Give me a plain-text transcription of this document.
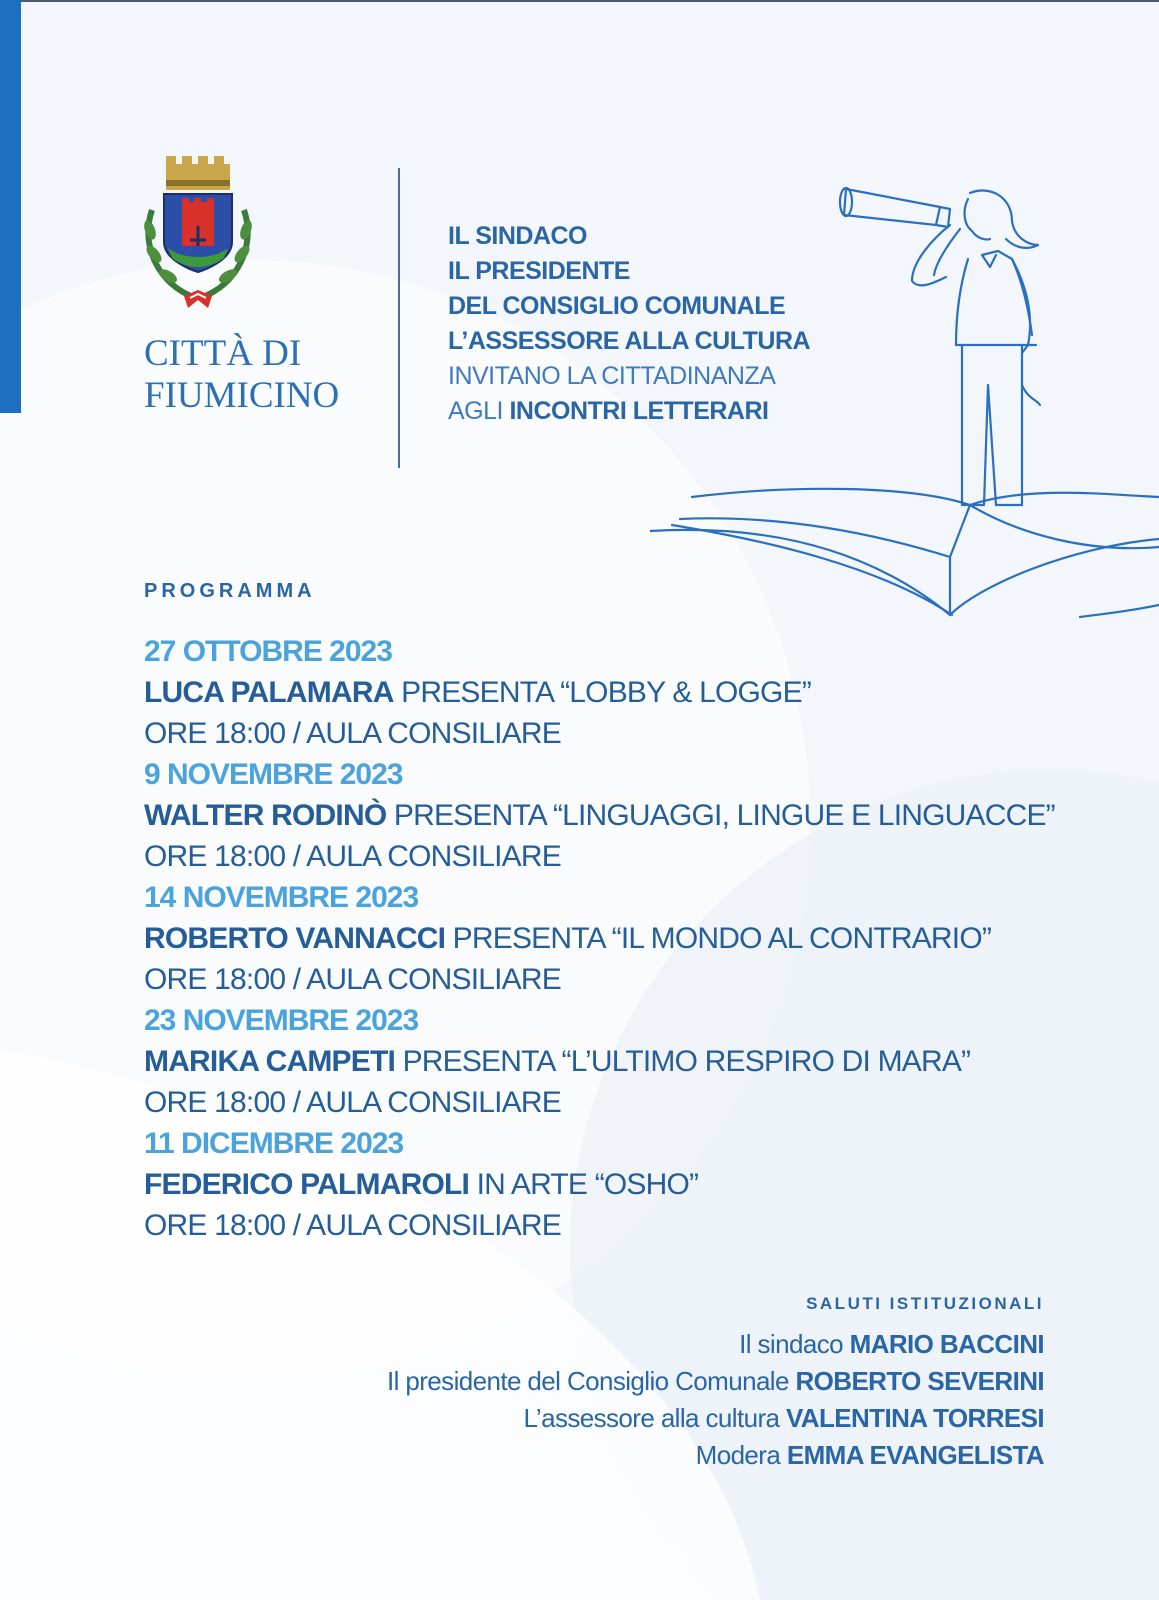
CITTÀ DI
FIUMICINO
IL SINDACO
IL PRESIDENTE
DEL CONSIGLIO COMUNALE
L’ASSESSORE ALLA CULTURA
INVITANO LA CITTADINANZA
AGLI INCONTRI LETTERARI
PROGRAMMA
27 OTTOBRE 2023
LUCA PALAMARA PRESENTA “LOBBY & LOGGE”
ORE 18:00 / AULA CONSILIARE
9 NOVEMBRE 2023
WALTER RODINÒ PRESENTA “LINGUAGGI, LINGUE E LINGUACCE”
ORE 18:00 / AULA CONSILIARE
14 NOVEMBRE 2023
ROBERTO VANNACCI PRESENTA “IL MONDO AL CONTRARIO”
ORE 18:00 / AULA CONSILIARE
23 NOVEMBRE 2023
MARIKA CAMPETI PRESENTA “L’ULTIMO RESPIRO DI MARA”
ORE 18:00 / AULA CONSILIARE
11 DICEMBRE 2023
FEDERICO PALMAROLI IN ARTE “OSHO”
ORE 18:00 / AULA CONSILIARE
SALUTI ISTITUZIONALI
Il sindaco MARIO BACCINI
Il presidente del Consiglio Comunale ROBERTO SEVERINI
L’assessore alla cultura VALENTINA TORRESI
Modera EMMA EVANGELISTA
